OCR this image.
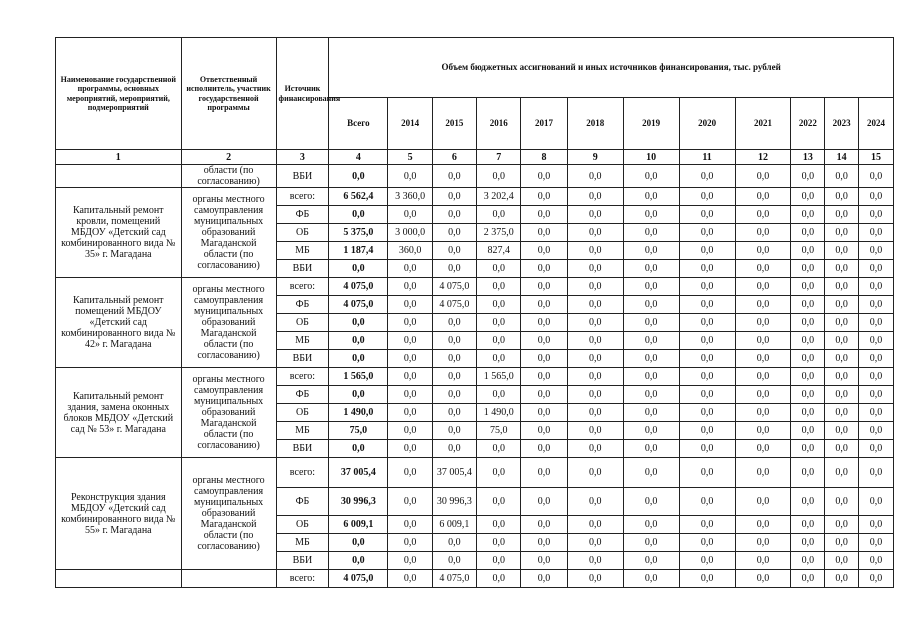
Наименование государственной программы, основных мероприятий, мероприятий, подмероприятий	Ответственный исполнитель, участник государственной программы	Источник финансирования	Объем бюджетных ассигнований и иных источников финансирования, тыс. рублей											
			Всего	2014	2015	2016	2017	2018	2019	2020	2021	2022	2023	2024
1	2	3	4	5	6	7	8	9	10	11	12	13	14	15
	области (по согласованию)	ВБИ	0,0	0,0	0,0	0,0	0,0	0,0	0,0	0,0	0,0	0,0	0,0	0,0
Капитальный ремонт кровли, помещений МБДОУ «Детский сад комбинированного вида № 35» г. Магадана	органы местного самоуправления муниципальных образований Магаданской области (по согласованию)	всего:	6 562,4	3 360,0	0,0	3 202,4	0,0	0,0	0,0	0,0	0,0	0,0	0,0	0,0
		ФБ	0,0	0,0	0,0	0,0	0,0	0,0	0,0	0,0	0,0	0,0	0,0	0,0
		ОБ	5 375,0	3 000,0	0,0	2 375,0	0,0	0,0	0,0	0,0	0,0	0,0	0,0	0,0
		МБ	1 187,4	360,0	0,0	827,4	0,0	0,0	0,0	0,0	0,0	0,0	0,0	0,0
		ВБИ	0,0	0,0	0,0	0,0	0,0	0,0	0,0	0,0	0,0	0,0	0,0	0,0
Капитальный ремонт помещений МБДОУ «Детский сад комбинированного вида № 42» г. Магадана	органы местного самоуправления муниципальных образований Магаданской области (по согласованию)	всего:	4 075,0	0,0	4 075,0	0,0	0,0	0,0	0,0	0,0	0,0	0,0	0,0	0,0
		ФБ	4 075,0	0,0	4 075,0	0,0	0,0	0,0	0,0	0,0	0,0	0,0	0,0	0,0
		ОБ	0,0	0,0	0,0	0,0	0,0	0,0	0,0	0,0	0,0	0,0	0,0	0,0
		МБ	0,0	0,0	0,0	0,0	0,0	0,0	0,0	0,0	0,0	0,0	0,0	0,0
		ВБИ	0,0	0,0	0,0	0,0	0,0	0,0	0,0	0,0	0,0	0,0	0,0	0,0
Капитальный ремонт здания, замена оконных блоков МБДОУ «Детский сад № 53» г. Магадана	органы местного самоуправления муниципальных образований Магаданской области (по согласованию)	всего:	1 565,0	0,0	0,0	1 565,0	0,0	0,0	0,0	0,0	0,0	0,0	0,0	0,0
		ФБ	0,0	0,0	0,0	0,0	0,0	0,0	0,0	0,0	0,0	0,0	0,0	0,0
		ОБ	1 490,0	0,0	0,0	1 490,0	0,0	0,0	0,0	0,0	0,0	0,0	0,0	0,0
		МБ	75,0	0,0	0,0	75,0	0,0	0,0	0,0	0,0	0,0	0,0	0,0	0,0
		ВБИ	0,0	0,0	0,0	0,0	0,0	0,0	0,0	0,0	0,0	0,0	0,0	0,0
Реконструкция здания МБДОУ «Детский сад комбинированного вида № 55» г. Магадана	органы местного самоуправления муниципальных образований Магаданской области (по согласованию)	всего:	37 005,4	0,0	37 005,4	0,0	0,0	0,0	0,0	0,0	0,0	0,0	0,0	0,0
		ФБ	30 996,3	0,0	30 996,3	0,0	0,0	0,0	0,0	0,0	0,0	0,0	0,0	0,0
		ОБ	6 009,1	0,0	6 009,1	0,0	0,0	0,0	0,0	0,0	0,0	0,0	0,0	0,0
		МБ	0,0	0,0	0,0	0,0	0,0	0,0	0,0	0,0	0,0	0,0	0,0	0,0
		ВБИ	0,0	0,0	0,0	0,0	0,0	0,0	0,0	0,0	0,0	0,0	0,0	0,0
		всего:	4 075,0	0,0	4 075,0	0,0	0,0	0,0	0,0	0,0	0,0	0,0	0,0	0,0
